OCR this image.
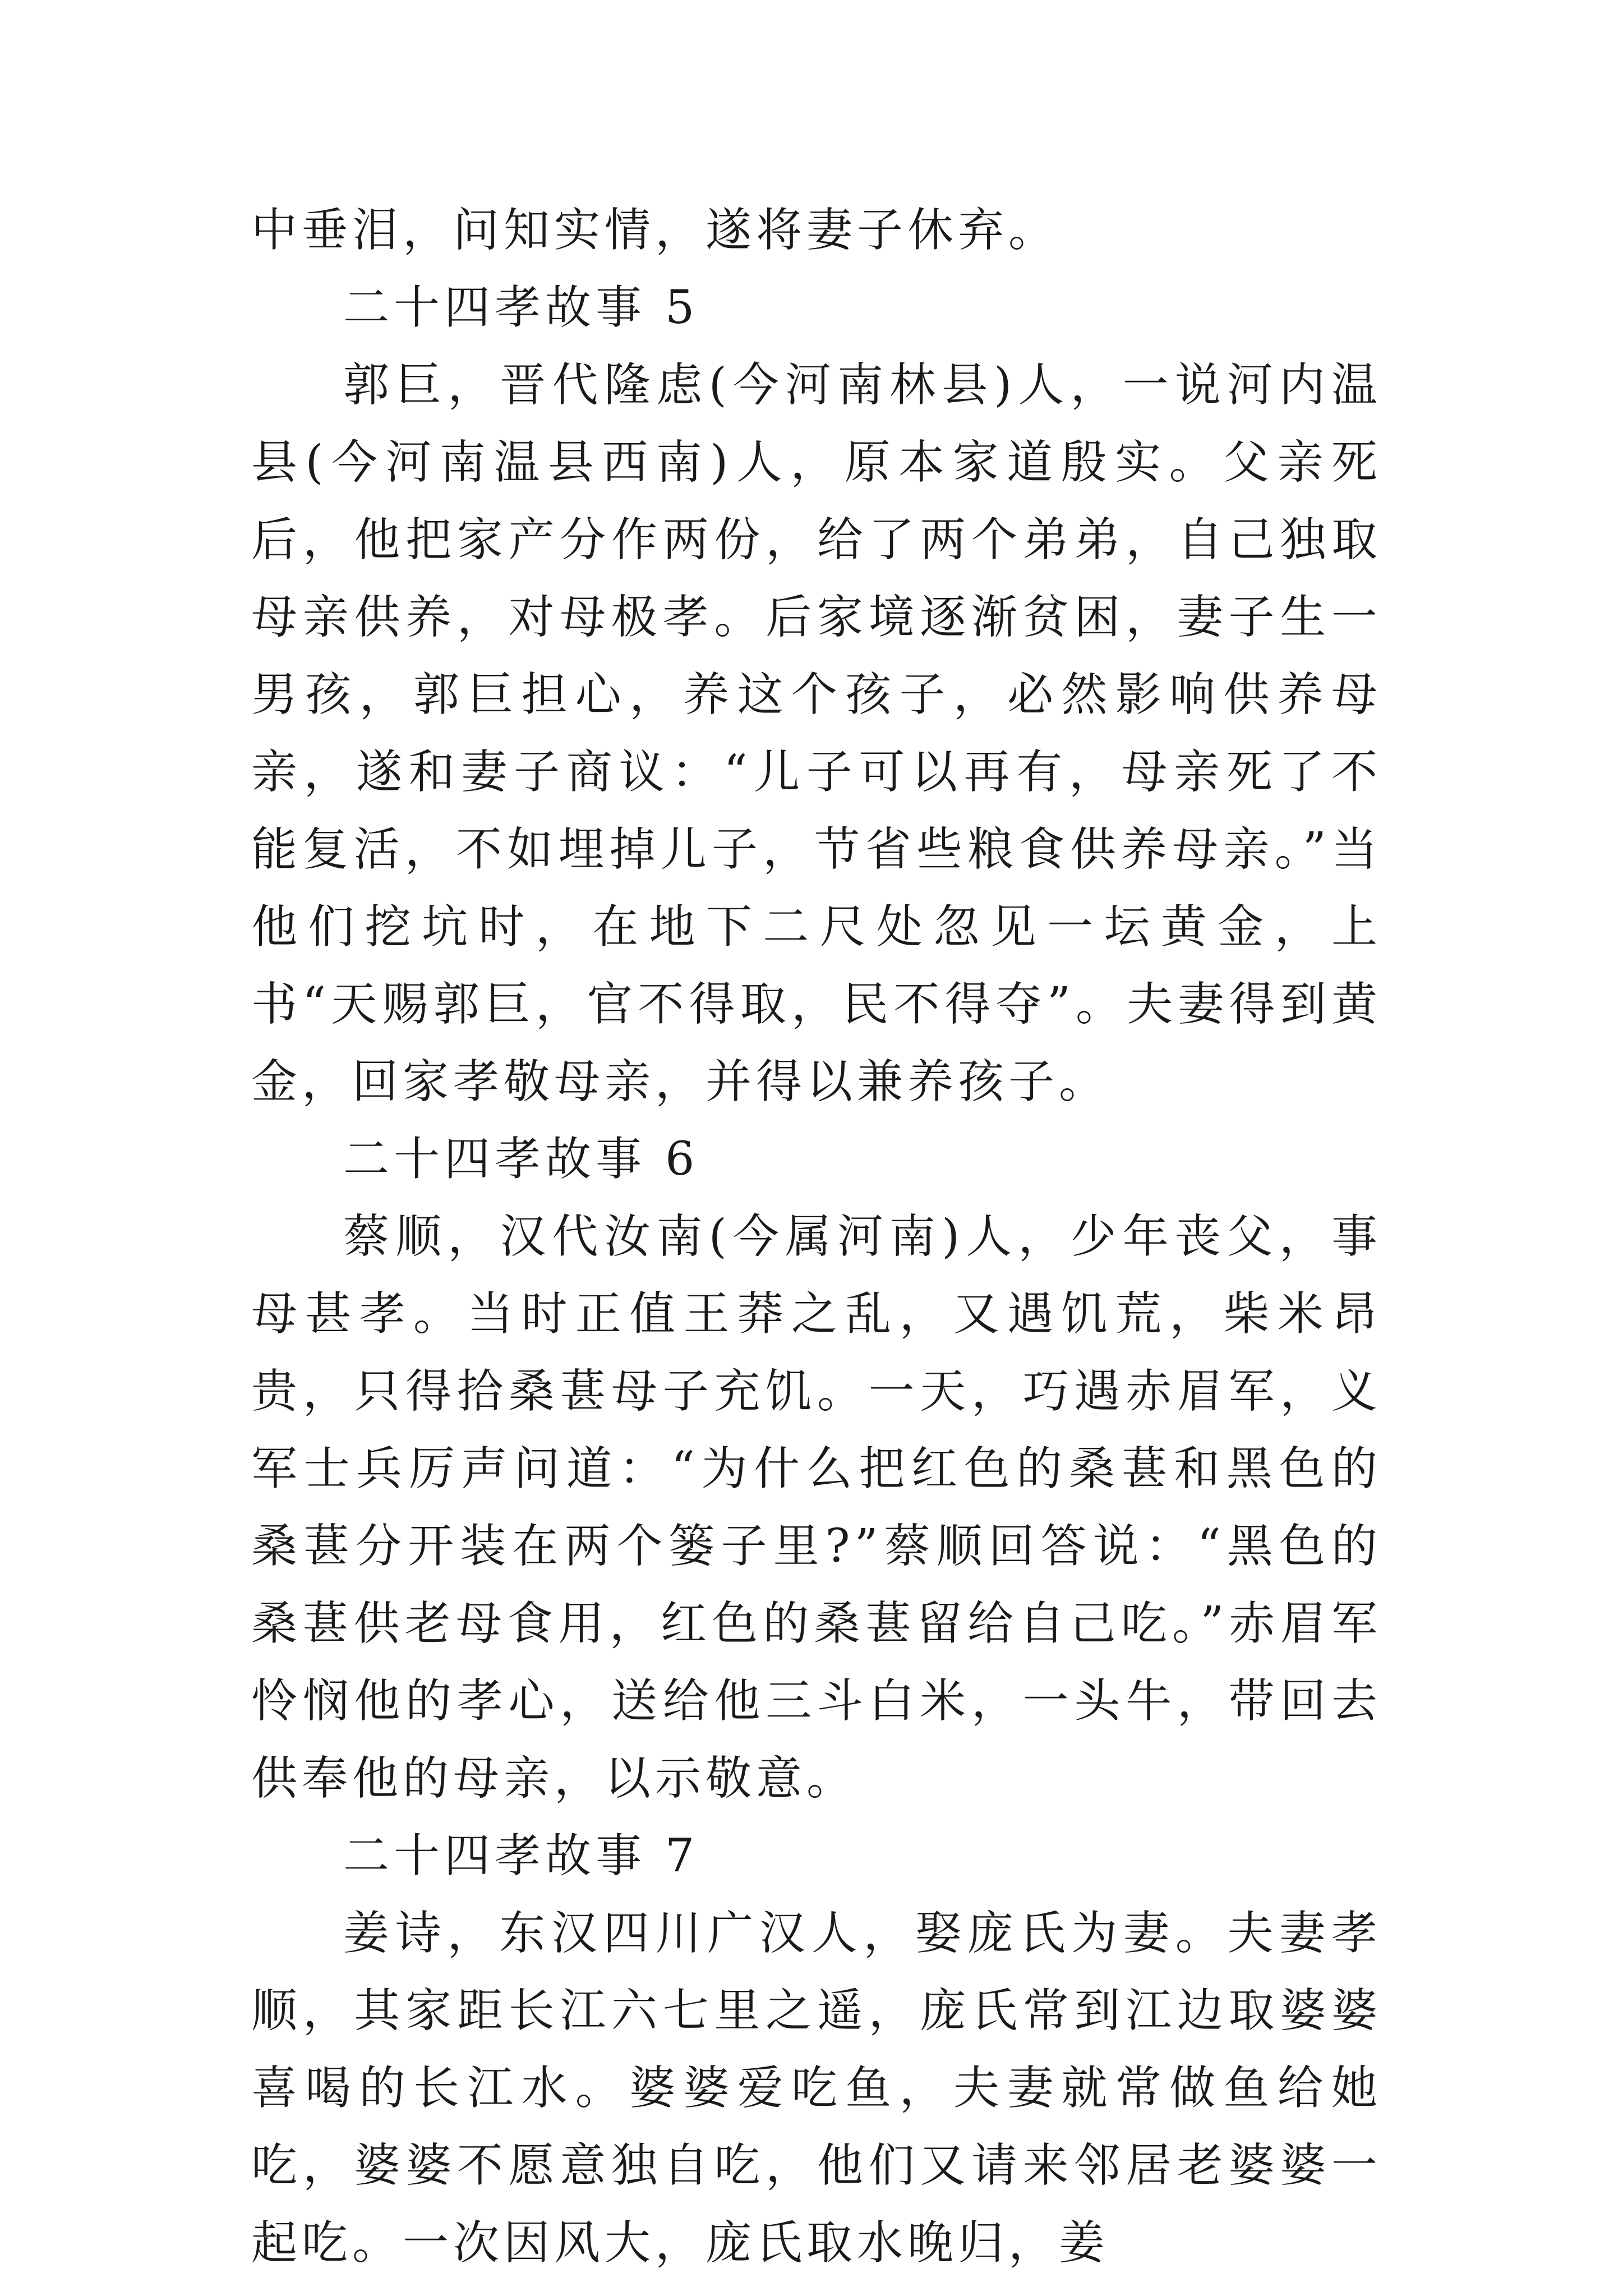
中垂泪，问知实情，遂将妻子休弃。

二十四孝故事 5

郭巨，晋代隆虑(今河南林县)人，一说河内温县(今河南温县西南)人，原本家道殷实。父亲死后，他把家产分作两份，给了两个弟弟，自己独取母亲供养，对母极孝。后家境逐渐贫困，妻子生一男孩，郭巨担心，养这个孩子，必然影响供养母亲，遂和妻子商议：“儿子可以再有，母亲死了不能复活，不如埋掉儿子，节省些粮食供养母亲。”当他们挖坑时，在地下二尺处忽见一坛黄金，上书“天赐郭巨，官不得取，民不得夺”。夫妻得到黄金，回家孝敬母亲，并得以兼养孩子。

二十四孝故事 6

蔡顺，汉代汝南(今属河南)人，少年丧父，事母甚孝。当时正值王莽之乱，又遇饥荒，柴米昂贵，只得拾桑葚母子充饥。一天，巧遇赤眉军，义军士兵厉声问道：“为什么把红色的桑葚和黑色的桑葚分开装在两个篓子里?”蔡顺回答说：“黑色的桑葚供老母食用，红色的桑葚留给自己吃。”赤眉军怜悯他的孝心，送给他三斗白米，一头牛，带回去供奉他的母亲，以示敬意。

二十四孝故事 7

姜诗，东汉四川广汉人，娶庞氏为妻。夫妻孝顺，其家距长江六七里之遥，庞氏常到江边取婆婆喜喝的长江水。婆婆爱吃鱼，夫妻就常做鱼给她吃，婆婆不愿意独自吃，他们又请来邻居老婆婆一起吃。一次因风大，庞氏取水晚归，姜
